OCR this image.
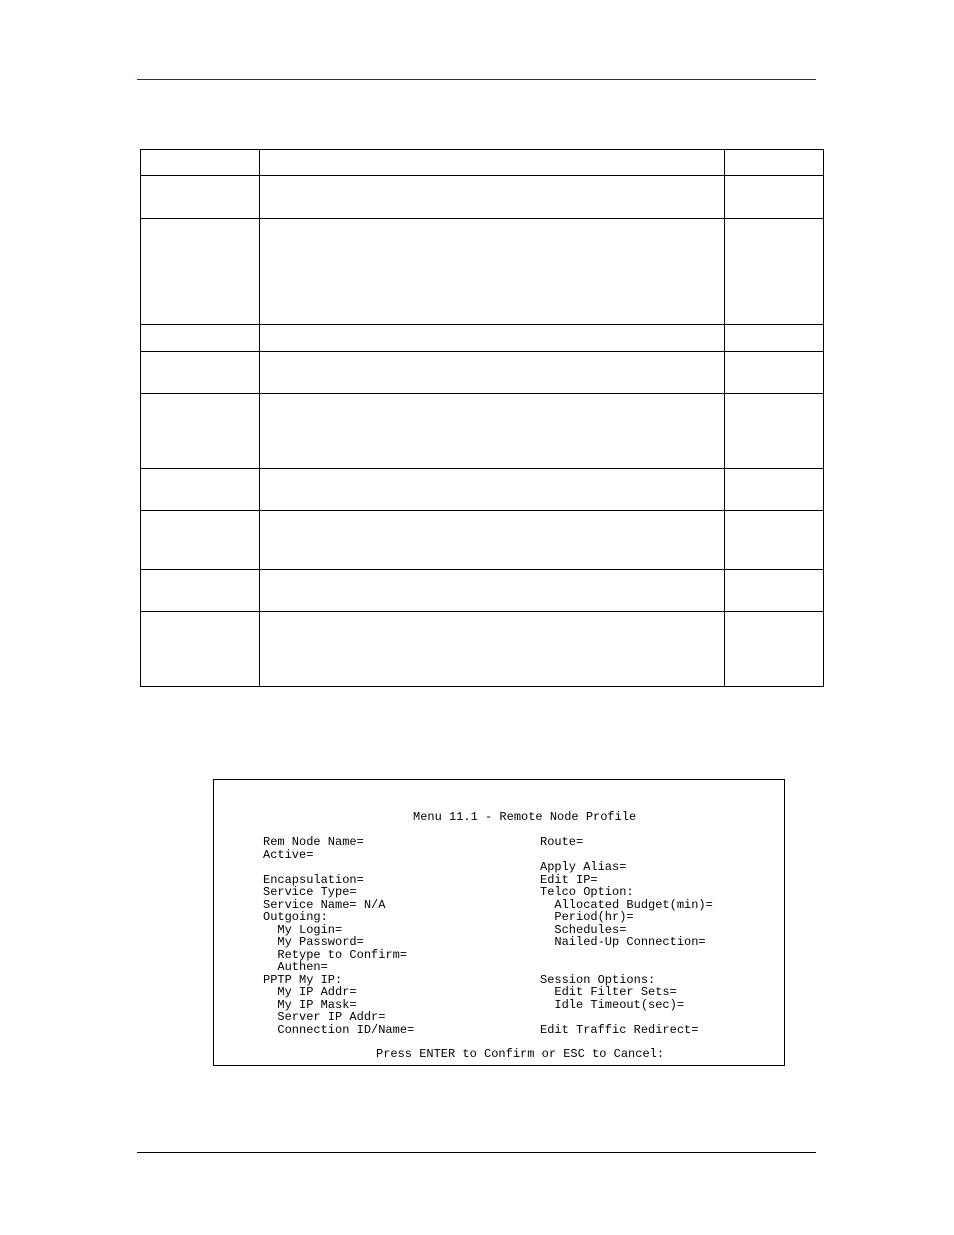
Menu 11.1 - Remote Node Profile
Rem Node Name=
Active=

Encapsulation=
Service Type=
Service Name= N/A
Outgoing:
My Login=
My Password=
Retype to Confirm=
Authen=
PPTP My IP:
My IP Addr=
My IP Mask=
Server IP Addr=
Connection ID/Name=
Route=

Apply Alias=
Edit IP=
Telco Option:
Allocated Budget(min)=
Period(hr)=
Schedules=
Nailed-Up Connection=

Session Options:
Edit Filter Sets=
Idle Timeout(sec)=

Edit Traffic Redirect=
Press ENTER to Confirm or ESC to Cancel:
